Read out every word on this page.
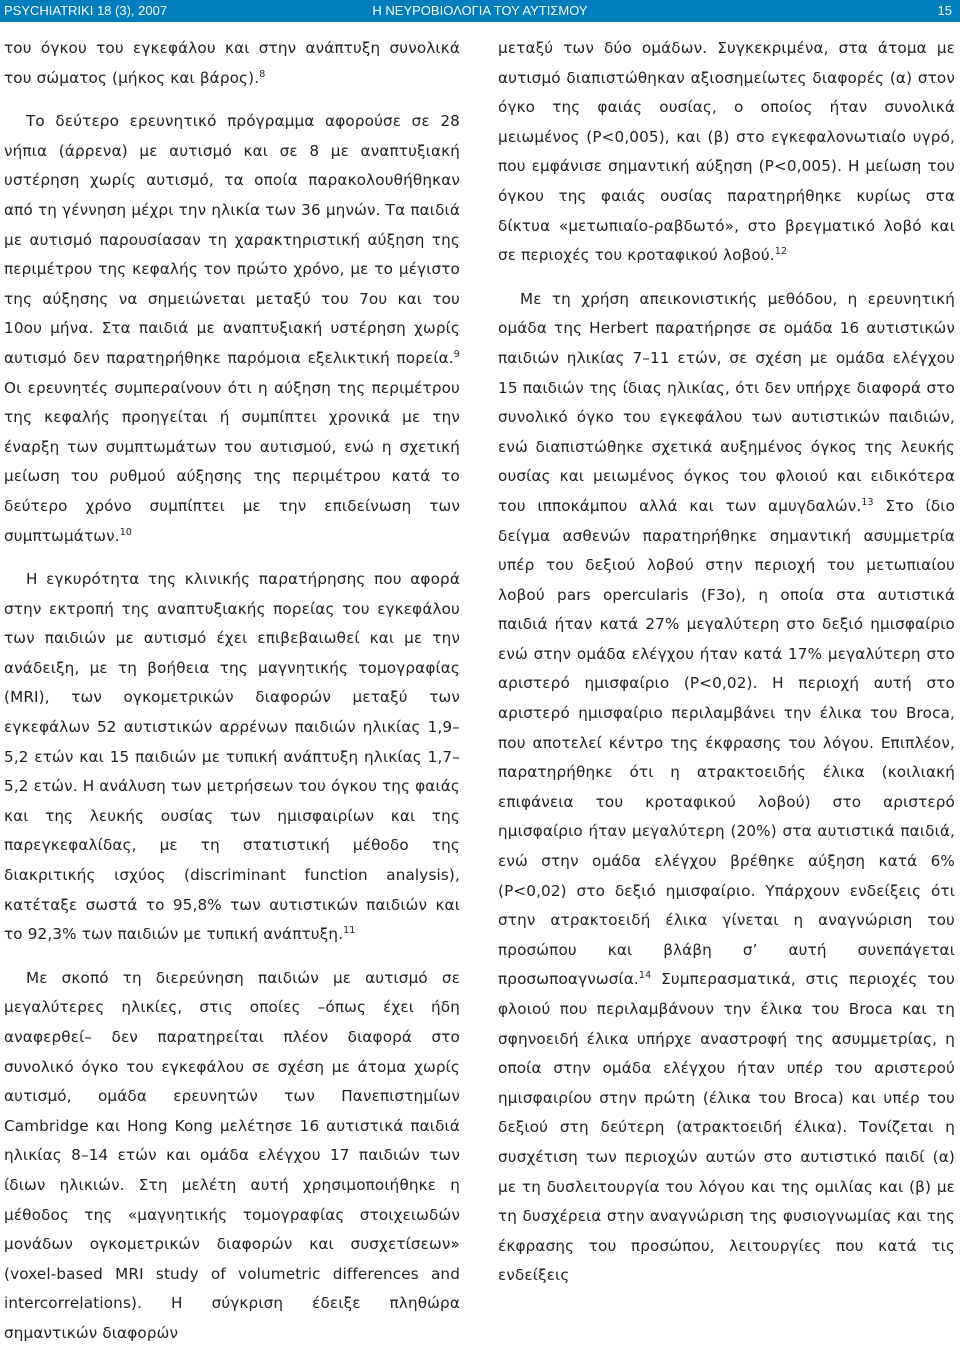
PSYCHIATRIKI 18 (3), 2007	Η ΝΕΥΡΟΒΙΟΛΟΓΙΑ ΤΟΥ ΑΥΤΙΣΜΟΥ	15

του όγκου του εγκεφάλου και στην ανάπτυξη συνολικά του σώματος (μήκος και βάρος).$^8$

Το δεύτερο ερευνητικό πρόγραμμα αφορούσε σε 28 νήπια (άρρενα) με αυτισμό και σε 8 με αναπτυξιακή υστέρηση χωρίς αυτισμό, τα οποία παρακολουθήθηκαν από τη γέννηση μέχρι την ηλικία των 36 μηνών. Τα παιδιά με αυτισμό παρουσίασαν τη χαρακτηριστική αύξηση της περιμέτρου της κεφαλής τον πρώτο χρόνο, με το μέγιστο της αύξησης να σημειώνεται μεταξύ του 7ου και του 10ου μήνα. Στα παιδιά με αναπτυξιακή υστέρηση χωρίς αυτισμό δεν παρατηρήθηκε παρόμοια εξελικτική πορεία.$^9$ Οι ερευνητές συμπεραίνουν ότι η αύξηση της περιμέτρου της κεφαλής προηγείται ή συμπίπτει χρονικά με την έναρξη των συμπτωμάτων του αυτισμού, ενώ η σχετική μείωση του ρυθμού αύξησης της περιμέτρου κατά το δεύτερο χρόνο συμπίπτει με την επιδείνωση των συμπτωμάτων.$^{10}$

Η εγκυρότητα της κλινικής παρατήρησης που αφορά στην εκτροπή της αναπτυξιακής πορείας του εγκεφάλου των παιδιών με αυτισμό έχει επιβεβαιωθεί και με την ανάδειξη, με τη βοήθεια της μαγνητικής τομογραφίας (MRI), των ογκομετρικών διαφορών μεταξύ των εγκεφάλων 52 αυτιστικών αρρένων παιδιών ηλικίας 1,9–5,2 ετών και 15 παιδιών με τυπική ανάπτυξη ηλικίας 1,7–5,2 ετών. Η ανάλυση των μετρήσεων του όγκου της φαιάς και της λευκής ουσίας των ημισφαιρίων και της παρεγκεφαλίδας, με τη στατιστική μέθοδο της διακριτικής ισχύος (discriminant function analysis), κατέταξε σωστά το 95,8% των αυτιστικών παιδιών και το 92,3% των παιδιών με τυπική ανάπτυξη.$^{11}$

Με σκοπό τη διερεύνηση παιδιών με αυτισμό σε μεγαλύτερες ηλικίες, στις οποίες –όπως έχει ήδη αναφερθεί– δεν παρατηρείται πλέον διαφορά στο συνολικό όγκο του εγκεφάλου σε σχέση με άτομα χωρίς αυτισμό, ομάδα ερευνητών των Πανεπιστημίων Cambridge και Hong Kong μελέτησε 16 αυτιστικά παιδιά ηλικίας 8–14 ετών και ομάδα ελέγχου 17 παιδιών των ίδιων ηλικιών. Στη μελέτη αυτή χρησιμοποιήθηκε η μέθοδος της «μαγνητικής τομογραφίας στοιχειωδών μονάδων ογκομετρικών διαφορών και συσχετίσεων» (voxel-based MRI study of volumetric differences and intercorrelations). Η σύγκριση έδειξε πληθώρα σημαντικών διαφορών

μεταξύ των δύο ομάδων. Συγκεκριμένα, στα άτομα με αυτισμό διαπιστώθηκαν αξιοσημείωτες διαφορές (α) στον όγκο της φαιάς ουσίας, ο οποίος ήταν συνολικά μειωμένος (P<0,005), και (β) στο εγκεφαλονωτιαίο υγρό, που εμφάνισε σημαντική αύξηση (P<0,005). Η μείωση του όγκου της φαιάς ουσίας παρατηρήθηκε κυρίως στα δίκτυα «μετωπιαίο-ραβδωτό», στο βρεγματικό λοβό και σε περιοχές του κροταφικού λοβού.$^{12}$

Με τη χρήση απεικονιστικής μεθόδου, η ερευνητική ομάδα της Herbert παρατήρησε σε ομάδα 16 αυτιστικών παιδιών ηλικίας 7–11 ετών, σε σχέση με ομάδα ελέγχου 15 παιδιών της ίδιας ηλικίας, ότι δεν υπήρχε διαφορά στο συνολικό όγκο του εγκεφάλου των αυτιστικών παιδιών, ενώ διαπιστώθηκε σχετικά αυξημένος όγκος της λευκής ουσίας και μειωμένος όγκος του φλοιού και ειδικότερα του ιπποκάμπου αλλά και των αμυγδαλών.$^{13}$ Στο ίδιο δείγμα ασθενών παρατηρήθηκε σημαντική ασυμμετρία υπέρ του δεξιού λοβού στην περιοχή του μετωπιαίου λοβού pars opercularis (F3o), η οποία στα αυτιστικά παιδιά ήταν κατά 27% μεγαλύτερη στο δεξιό ημισφαίριο ενώ στην ομάδα ελέγχου ήταν κατά 17% μεγαλύτερη στο αριστερό ημισφαίριο (P<0,02). Η περιοχή αυτή στο αριστερό ημισφαίριο περιλαμβάνει την έλικα του Broca, που αποτελεί κέντρο της έκφρασης του λόγου. Επιπλέον, παρατηρήθηκε ότι η ατρακτοειδής έλικα (κοιλιακή επιφάνεια του κροταφικού λοβού) στο αριστερό ημισφαίριο ήταν μεγαλύτερη (20%) στα αυτιστικά παιδιά, ενώ στην ομάδα ελέγχου βρέθηκε αύξηση κατά 6% (P<0,02) στο δεξιό ημισφαίριο. Υπάρχουν ενδείξεις ότι στην ατρακτοειδή έλικα γίνεται η αναγνώριση του προσώπου και βλάβη σ’ αυτή συνεπάγεται προσωποαγνωσία.$^{14}$ Συμπερασματικά, στις περιοχές του φλοιού που περιλαμβάνουν την έλικα του Broca και τη σφηνοειδή έλικα υπήρχε αναστροφή της ασυμμετρίας, η οποία στην ομάδα ελέγχου ήταν υπέρ του αριστερού ημισφαιρίου στην πρώτη (έλικα του Broca) και υπέρ του δεξιού στη δεύτερη (ατρακτοειδή έλικα). Τονίζεται η συσχέτιση των περιοχών αυτών στο αυτιστικό παιδί (α) με τη δυσλειτουργία του λόγου και της ομιλίας και (β) με τη δυσχέρεια στην αναγνώριση της φυσιογνωμίας και της έκφρασης του προσώπου, λειτουργίες που κατά τις ενδείξεις
